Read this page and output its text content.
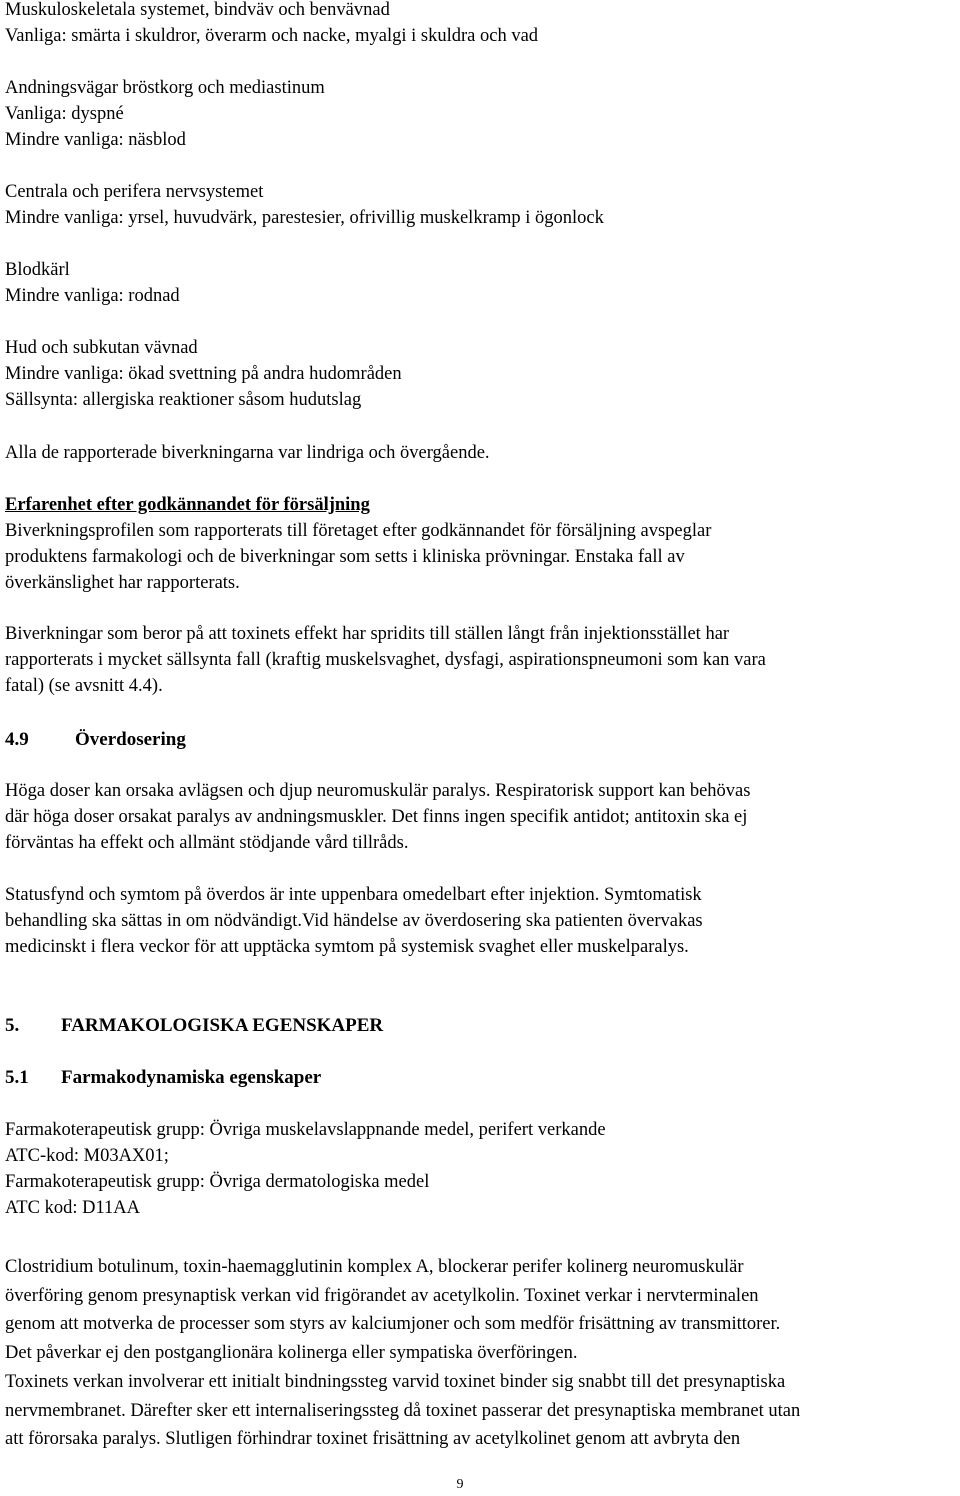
Muskuloskeletala systemet, bindväv och benvävnad
Vanliga: smärta i skuldror, överarm och nacke, myalgi i skuldra och vad

Andningsvägar bröstkorg och mediastinum
Vanliga: dyspné
Mindre vanliga: näsblod

Centrala och perifera nervsystemet
Mindre vanliga: yrsel, huvudvärk, parestesier, ofrivillig muskelkramp i ögonlock

Blodkärl
Mindre vanliga: rodnad

Hud och subkutan vävnad
Mindre vanliga: ökad svettning på andra hudområden
Sällsynta: allergiska reaktioner såsom hudutslag

Alla de rapporterade biverkningarna var lindriga och övergående.

Erfarenhet efter godkännandet för försäljning
Biverkningsprofilen som rapporterats till företaget efter godkännandet för försäljning avspeglar
produktens farmakologi och de biverkningar som setts i kliniska prövningar. Enstaka fall av
överkänslighet har rapporterats.

Biverkningar som beror på att toxinets effekt har spridits till ställen långt från injektionsstället har
rapporterats i mycket sällsynta fall (kraftig muskelsvaghet, dysfagi, aspirationspneumoni som kan vara
fatal) (se avsnitt 4.4).

4.9 Överdosering

Höga doser kan orsaka avlägsen och djup neuromuskulär paralys. Respiratorisk support kan behövas
där höga doser orsakat paralys av andningsmuskler. Det finns ingen specifik antidot; antitoxin ska ej
förväntas ha effekt och allmänt stödjande vård tillråds.

Statusfynd och symtom på överdos är inte uppenbara omedelbart efter injektion. Symtomatisk
behandling ska sättas in om nödvändigt.Vid händelse av överdosering ska patienten övervakas
medicinskt i flera veckor för att upptäcka symtom på systemisk svaghet eller muskelparalys.

5. FARMAKOLOGISKA EGENSKAPER

5.1 Farmakodynamiska egenskaper

Farmakoterapeutisk grupp: Övriga muskelavslappnande medel, perifert verkande
ATC-kod: M03AX01;
Farmakoterapeutisk grupp: Övriga dermatologiska medel
ATC kod: D11AA

Clostridium botulinum, toxin-haemagglutinin komplex A, blockerar perifer kolinerg neuromuskulär
överföring genom presynaptisk verkan vid frigörandet av acetylkolin. Toxinet verkar i nervterminalen
genom att motverka de processer som styrs av kalciumjoner och som medför frisättning av transmittorer.
Det påverkar ej den postganglionära kolinerga eller sympatiska överföringen.
Toxinets verkan involverar ett initialt bindningssteg varvid toxinet binder sig snabbt till det presynaptiska
nervmembranet. Därefter sker ett internaliseringssteg då toxinet passerar det presynaptiska membranet utan
att förorsaka paralys. Slutligen förhindrar toxinet frisättning av acetylkolinet genom att avbryta den

9
